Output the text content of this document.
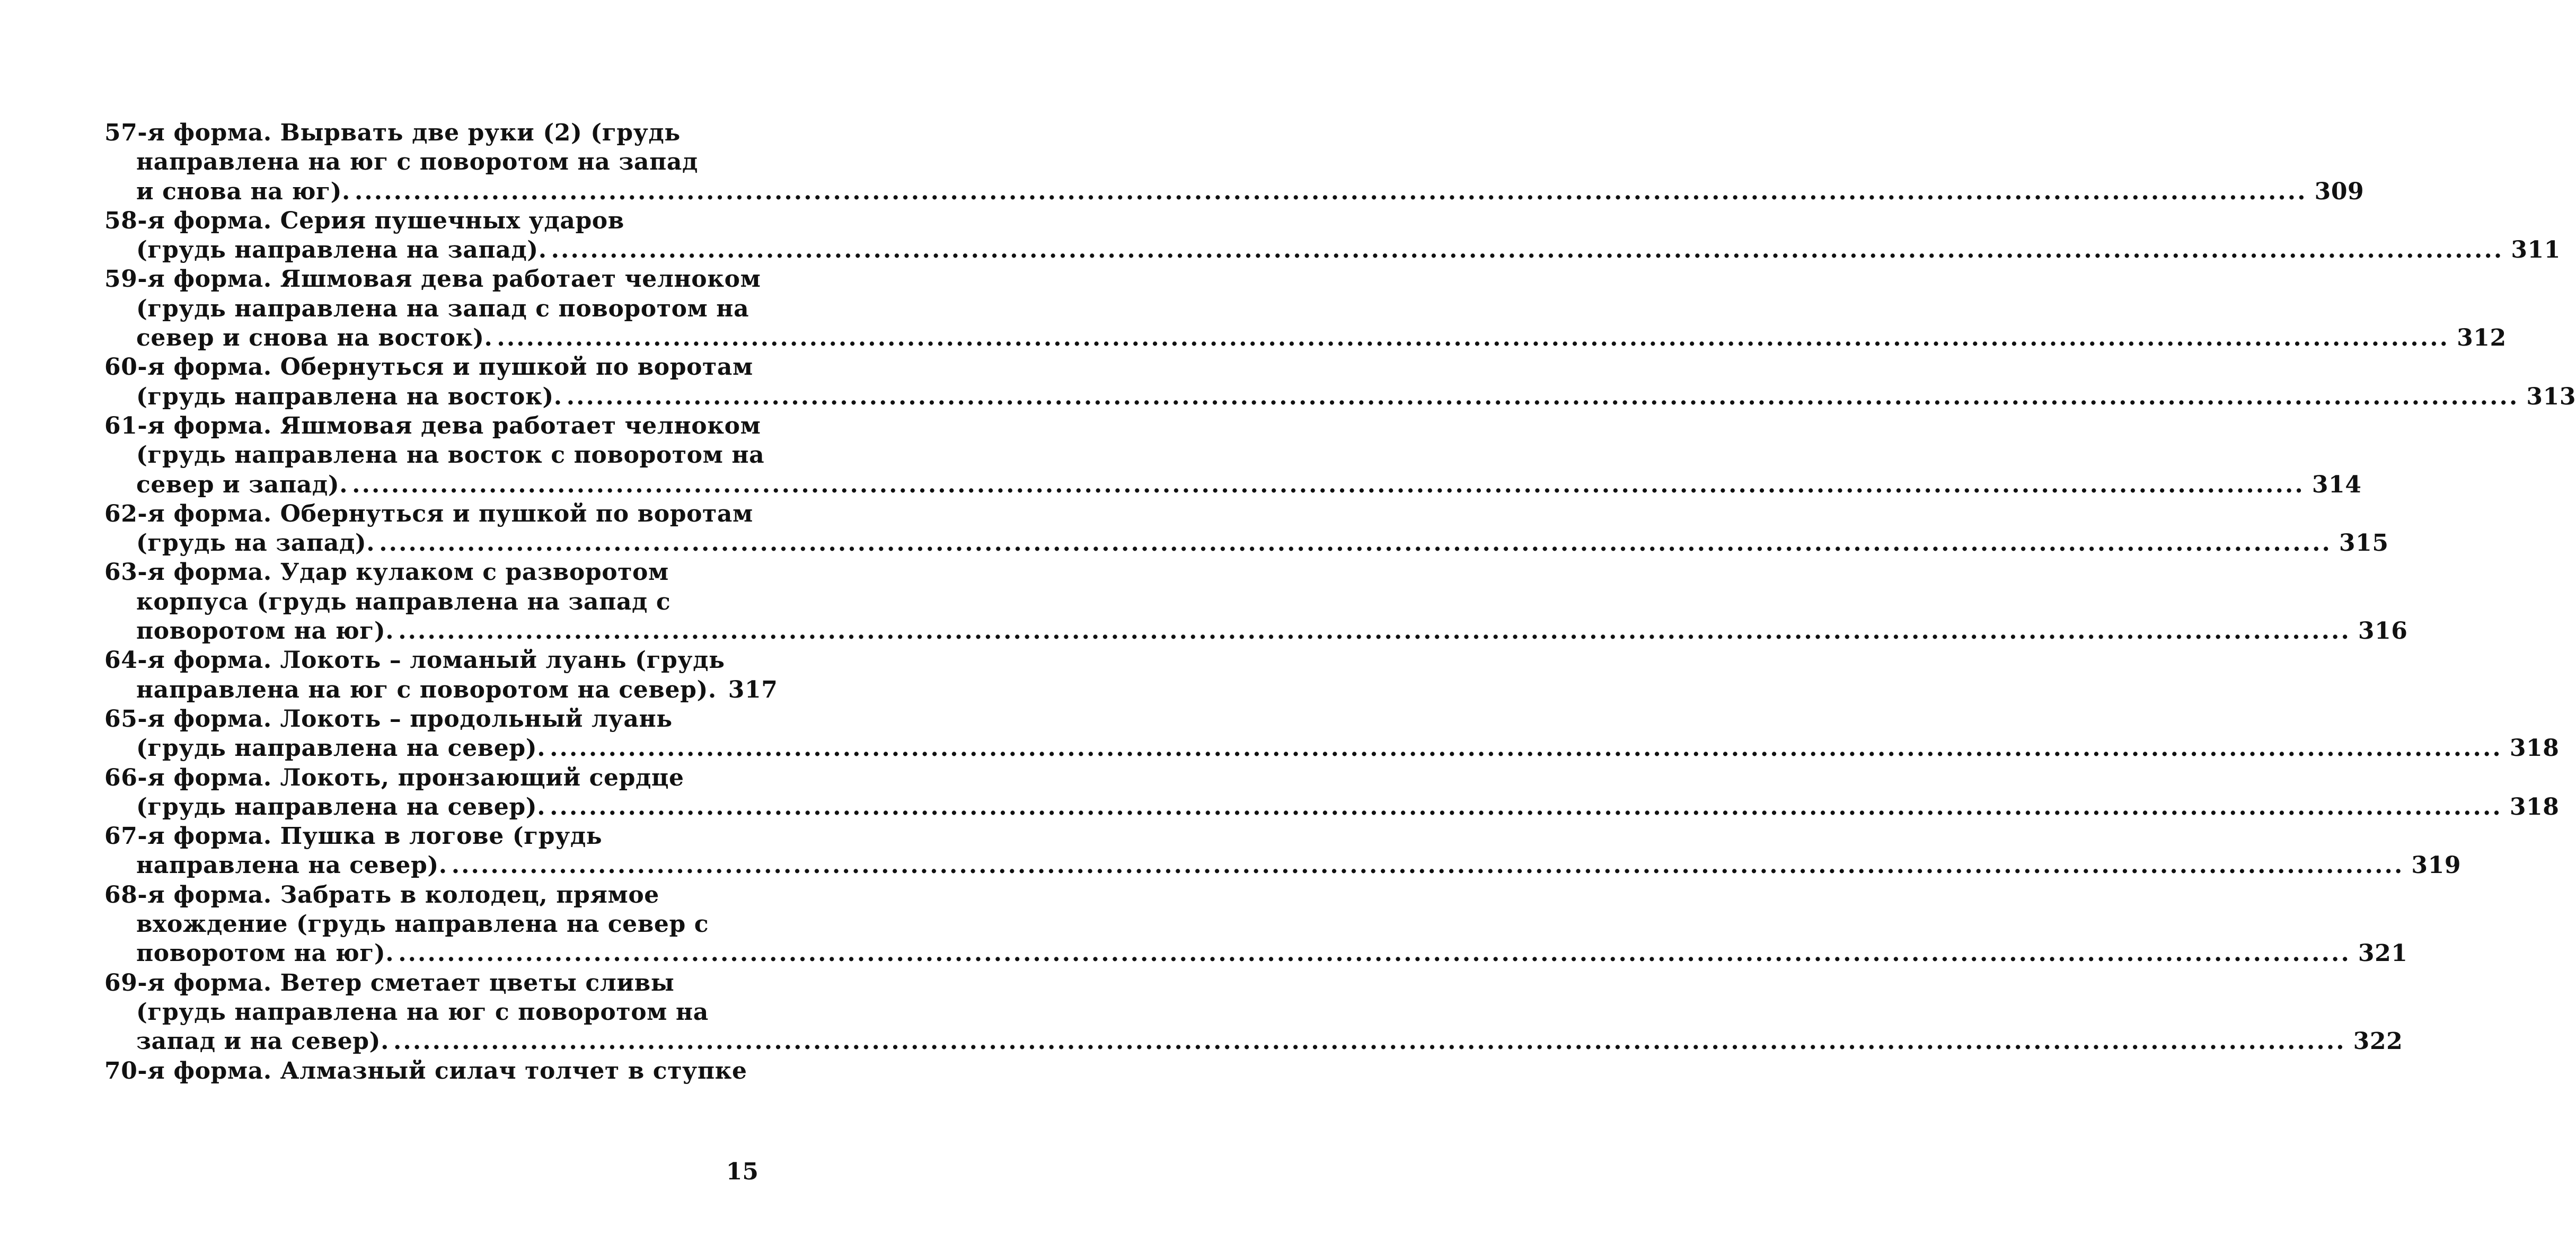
57-я форма. Вырвать две руки (2) (грудь
направлена на юг с поворотом на запад
и снова на юг). ........................................................................................................................................................................................................ 309
58-я форма. Серия пушечных ударов
(грудь направлена на запад). ........................................................................................................................................................................................................ 311
59-я форма. Яшмовая дева работает челноком
(грудь направлена на запад с поворотом на
север и снова на восток). ........................................................................................................................................................................................................ 312
60-я форма. Обернуться и пушкой по воротам
(грудь направлена на восток). ........................................................................................................................................................................................................ 313
61-я форма. Яшмовая дева работает челноком
(грудь направлена на восток с поворотом на
север и запад). ........................................................................................................................................................................................................ 314
62-я форма. Обернуться и пушкой по воротам
(грудь на запад). ........................................................................................................................................................................................................ 315
63-я форма. Удар кулаком с разворотом
корпуса (грудь направлена на запад с
поворотом на юг). ........................................................................................................................................................................................................ 316
64-я форма. Локоть – ломаный луань (грудь
направлена на юг с поворотом на север). 317
65-я форма. Локоть – продольный луань
(грудь направлена на север). ........................................................................................................................................................................................................ 318
66-я форма. Локоть, пронзающий сердце
(грудь направлена на север). ........................................................................................................................................................................................................ 318
67-я форма. Пушка в логове (грудь
направлена на север). ........................................................................................................................................................................................................ 319
68-я форма. Забрать в колодец, прямое
вхождение (грудь направлена на север с
поворотом на юг). ........................................................................................................................................................................................................ 321
69-я форма. Ветер сметает цветы сливы
(грудь направлена на юг с поворотом на
запад и на север). ........................................................................................................................................................................................................ 322
70-я форма. Алмазный силач толчет в ступке
15
